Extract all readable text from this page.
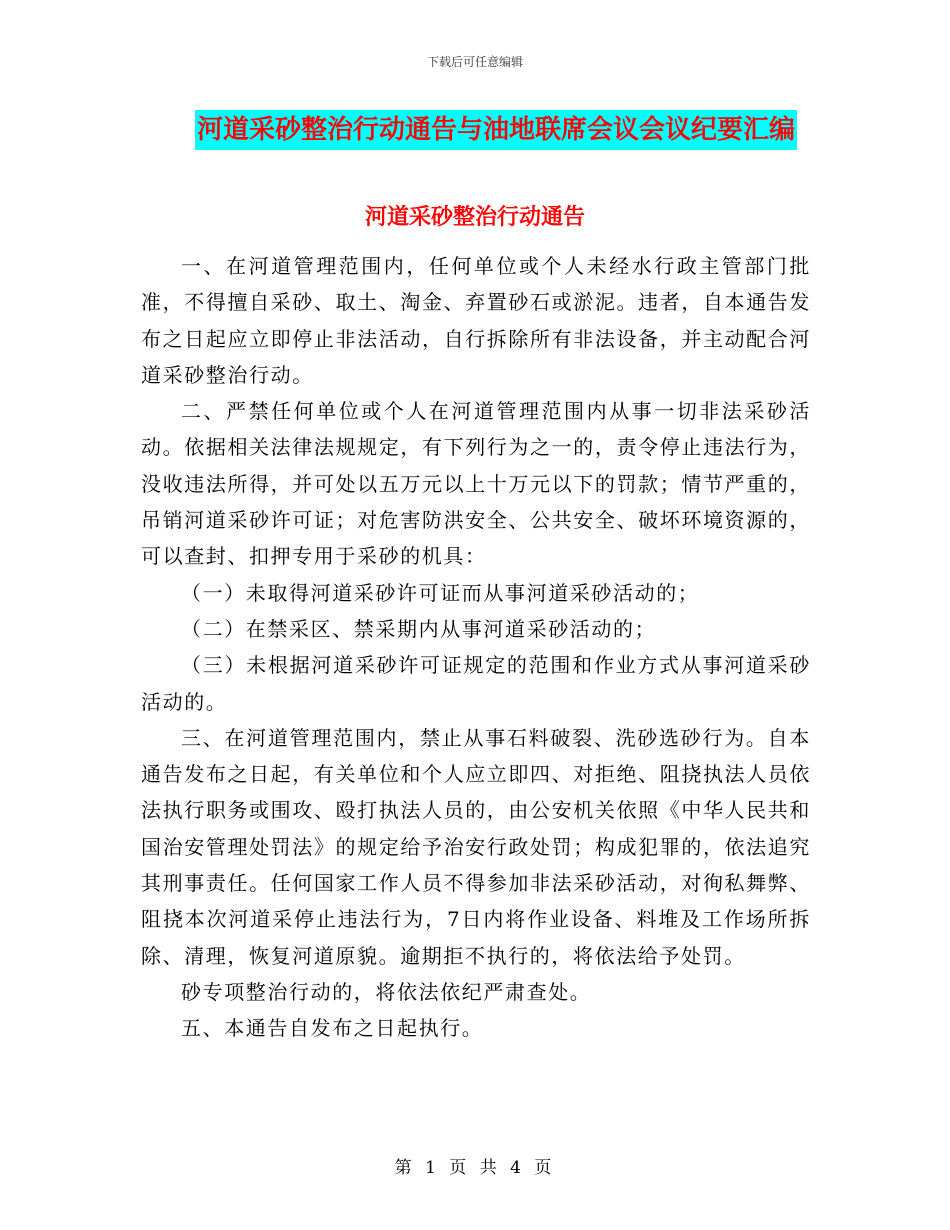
下载后可任意编辑
河道采砂整治行动通告与油地联席会议会议纪要汇编
河道采砂整治行动通告

一、在河道管理范围内，任何单位或个人未经水行政主管部门批准，不得擅自采砂、取土、淘金、弃置砂石或淤泥。违者，自本通告发布之日起应立即停止非法活动，自行拆除所有非法设备，并主动配合河道采砂整治行动。

二、严禁任何单位或个人在河道管理范围内从事一切非法采砂活动。依据相关法律法规规定，有下列行为之一的，责令停止违法行为，没收违法所得，并可处以五万元以上十万元以下的罚款；情节严重的，吊销河道采砂许可证；对危害防洪安全、公共安全、破坏环境资源的，可以查封、扣押专用于采砂的机具：

（一）未取得河道采砂许可证而从事河道采砂活动的；

（二）在禁采区、禁采期内从事河道采砂活动的；

（三）未根据河道采砂许可证规定的范围和作业方式从事河道采砂活动的。

三、在河道管理范围内，禁止从事石料破裂、洗砂选砂行为。自本通告发布之日起，有关单位和个人应立即四、对拒绝、阻挠执法人员依法执行职务或围攻、殴打执法人员的，由公安机关依照《中华人民共和国治安管理处罚法》的规定给予治安行政处罚；构成犯罪的，依法追究其刑事责任。任何国家工作人员不得参加非法采砂活动，对徇私舞弊、阻挠本次河道采停止违法行为，7日内将作业设备、料堆及工作场所拆除、清理，恢复河道原貌。逾期拒不执行的，将依法给予处罚。

砂专项整治行动的，将依法依纪严肃查处。

五、本通告自发布之日起执行。

第 1 页 共 4 页
